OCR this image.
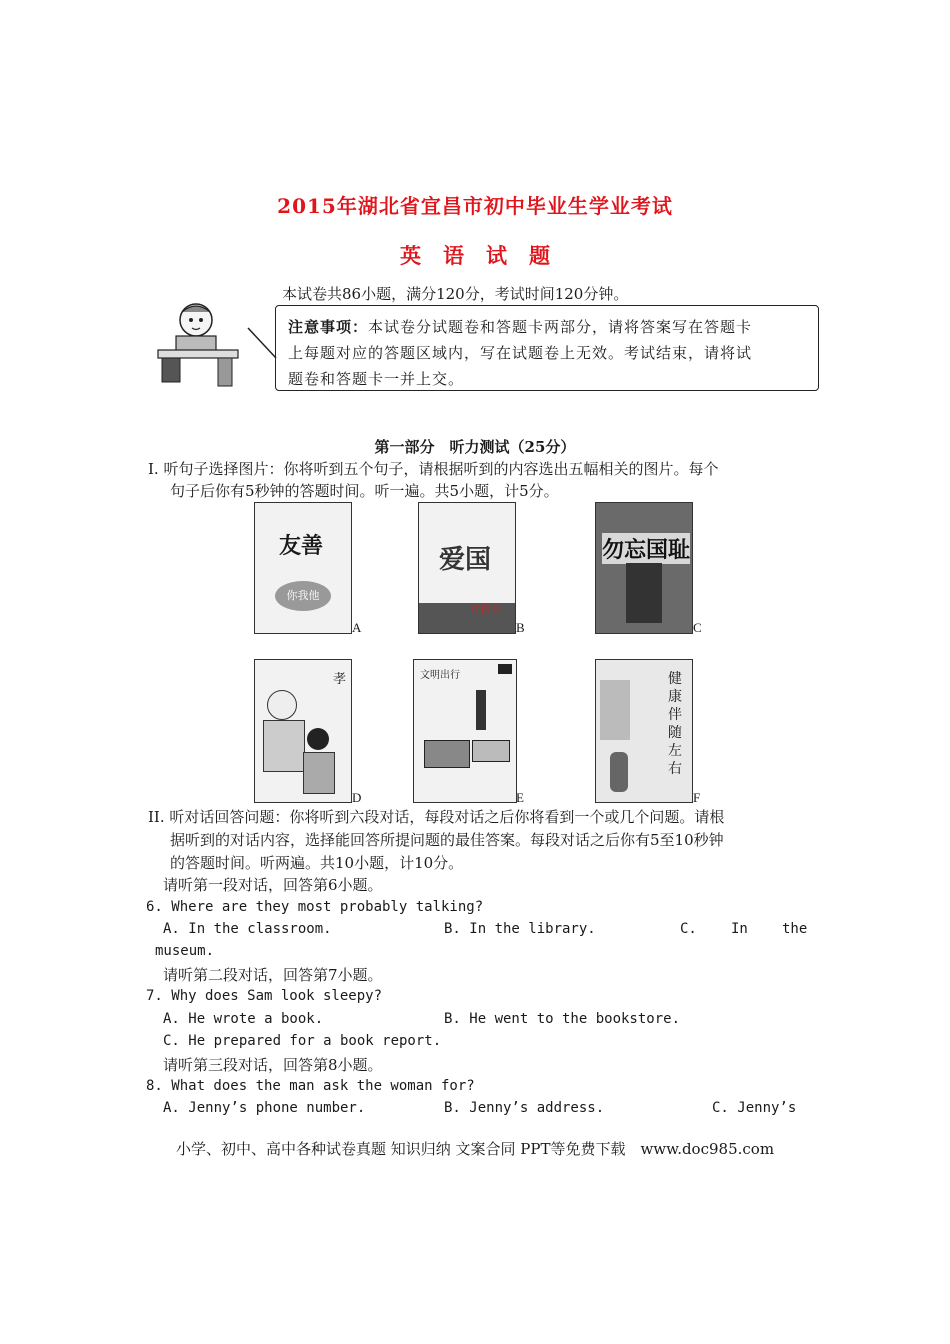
2015年湖北省宜昌市初中毕业生学业考试
英语试题
本试卷共86小题，满分120分，考试时间120分钟。
注意事项：本试卷分试题卷和答题卡两部分，请将答案写在答题卡
上每题对应的答题区域内，写在试题卷上无效。考试结束，请将试
题卷和答题卡一并上交。
第一部分　听力测试（25分）
Ⅰ. 听句子选择图片：你将听到五个句子，请根据听到的内容选出五幅相关的图片。每个
句子后你有5秒钟的答题时间。听一遍。共5小题，计5分。
友善
你我他
A
爱国
中国梦
B
勿忘国耻
C
孝
D
文明出行
E
健康伴随左右
F
II. 听对话回答问题：你将听到六段对话，每段对话之后你将看到一个或几个问题。请根
据听到的对话内容，选择能回答所提问题的最佳答案。每段对话之后你有5至10秒钟
的答题时间。听两遍。共10小题，计10分。
请听第一段对话，回答第6小题。
6. Where are they most probably talking?
A. In the classroom.	B. In the library.	C. In the
museum.
请听第二段对话，回答第7小题。
7. Why does Sam look sleepy?
A. He wrote a book.	B. He went to the bookstore.
C. He prepared for a book report.
请听第三段对话，回答第8小题。
8. What does the man ask the woman for?
A. Jenny’s phone number.	B. Jenny’s address.	C. Jenny’s
小学、初中、高中各种试卷真题 知识归纳 文案合同 PPT等免费下载　www.doc985.com
